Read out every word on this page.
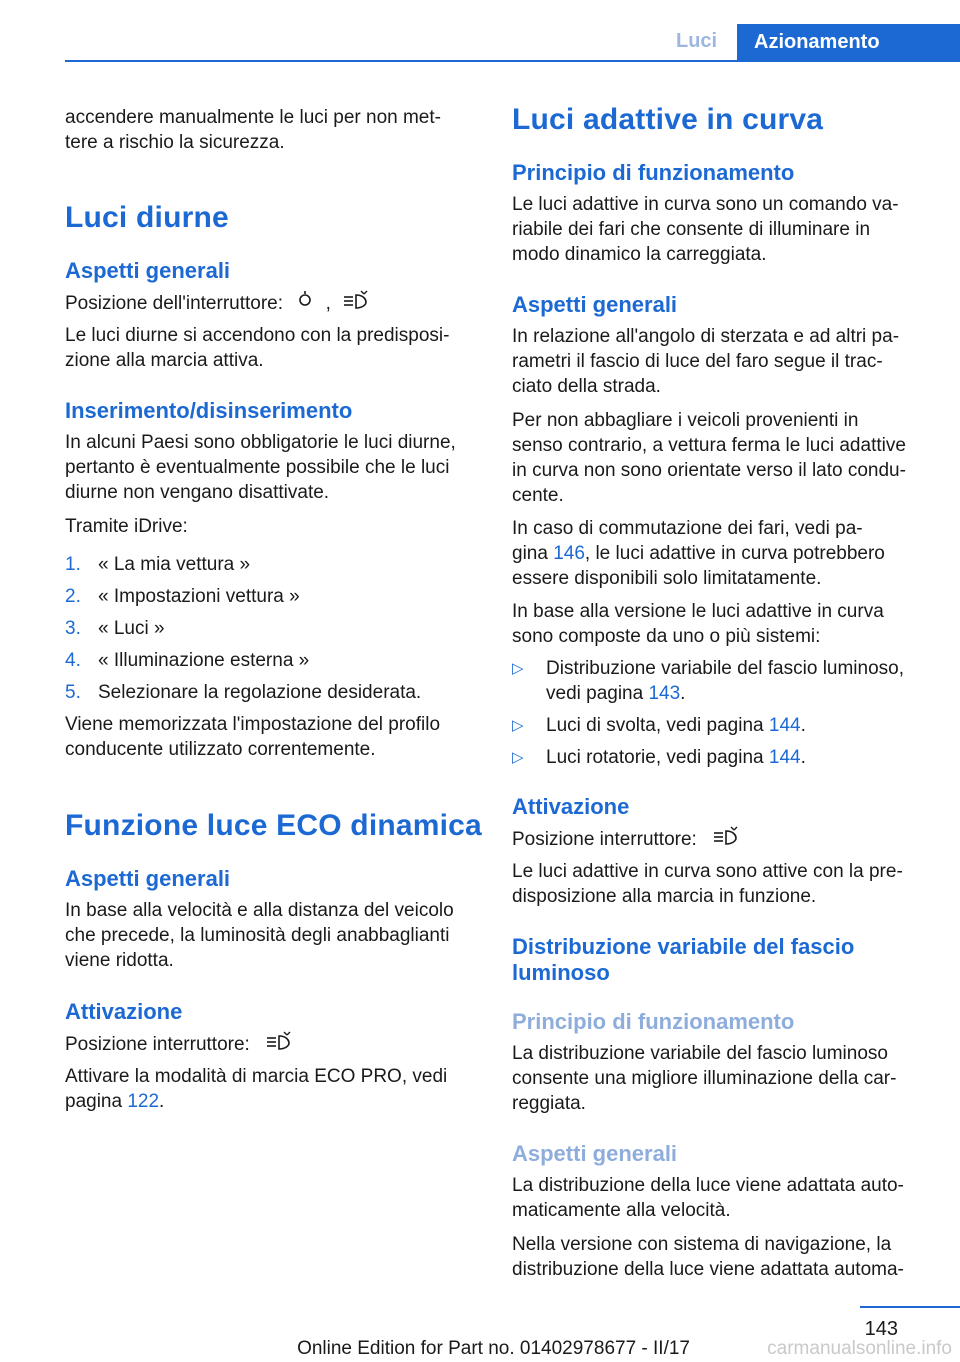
Luci	Azionamento
accendere manualmente le luci per non met‐
tere a rischio la sicurezza.
Luci diurne
Aspetti generali
Posizione dell'interruttore: ,
Le luci diurne si accendono con la predisposi‐
zione alla marcia attiva.
Inserimento/disinserimento
In alcuni Paesi sono obbligatorie le luci diurne,
pertanto è eventualmente possibile che le luci
diurne non vengano disattivate.
Tramite iDrive:
1. « La mia vettura »
2. « Impostazioni vettura »
3. « Luci »
4. « Illuminazione esterna »
5. Selezionare la regolazione desiderata.
Viene memorizzata l'impostazione del profilo
conducente utilizzato correntemente.
Funzione luce ECO dinamica
Aspetti generali
In base alla velocità e alla distanza del veicolo
che precede, la luminosità degli anabbaglianti
viene ridotta.
Attivazione
Posizione interruttore:
Attivare la modalità di marcia ECO PRO, vedi
pagina 122.
Luci adattive in curva
Principio di funzionamento
Le luci adattive in curva sono un comando va‐
riabile dei fari che consente di illuminare in
modo dinamico la carreggiata.
Aspetti generali
In relazione all'angolo di sterzata e ad altri pa‐
rametri il fascio di luce del faro segue il trac‐
ciato della strada.
Per non abbagliare i veicoli provenienti in
senso contrario, a vettura ferma le luci adattive
in curva non sono orientate verso il lato condu‐
cente.
In caso di commutazione dei fari, vedi pa‐
gina 146, le luci adattive in curva potrebbero
essere disponibili solo limitatamente.
In base alla versione le luci adattive in curva
sono composte da uno o più sistemi:
▷ Distribuzione variabile del fascio luminoso,
vedi pagina 143.
▷ Luci di svolta, vedi pagina 144.
▷ Luci rotatorie, vedi pagina 144.
Attivazione
Posizione interruttore:
Le luci adattive in curva sono attive con la pre‐
disposizione alla marcia in funzione.
Distribuzione variabile del fascio
luminoso
Principio di funzionamento
La distribuzione variabile del fascio luminoso
consente una migliore illuminazione della car‐
reggiata.
Aspetti generali
La distribuzione della luce viene adattata auto‐
maticamente alla velocità.
Nella versione con sistema di navigazione, la
distribuzione della luce viene adattata automa‐
143
carmanualsonline.info
Online Edition for Part no. 01402978677 - II/17
